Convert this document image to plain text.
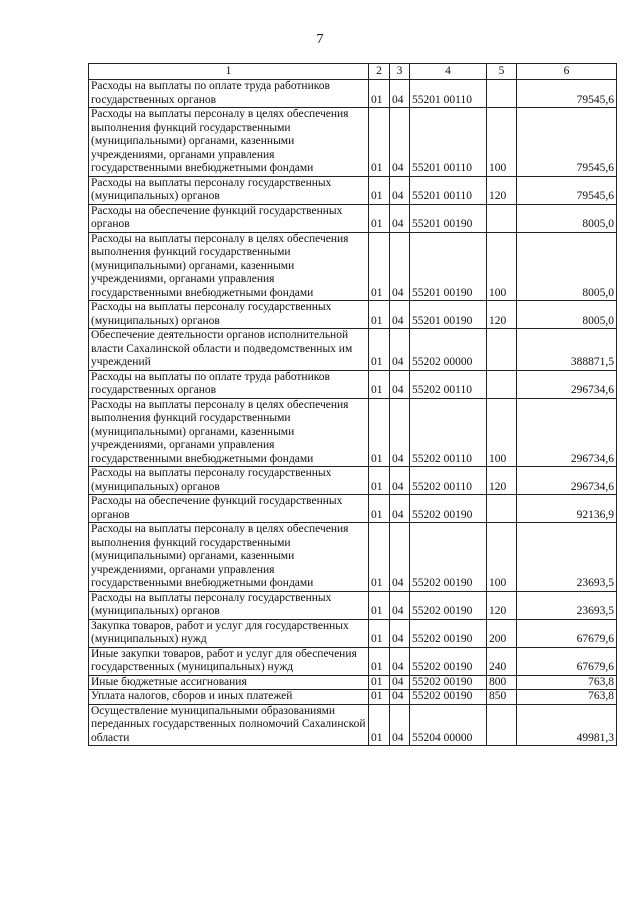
7
1	2	3	4	5	6
Расходы на выплаты по оплате труда работников государственных органов	01	04	55201 00110		79545,6
Расходы на выплаты персоналу в целях обеспечения выполнения функций государственными (муниципальными) органами, казенными учреждениями, органами управления государственными внебюджетными фондами	01	04	55201 00110	100	79545,6
Расходы на выплаты персоналу государственных (муниципальных) органов	01	04	55201 00110	120	79545,6
Расходы на обеспечение функций государственных органов	01	04	55201 00190		8005,0
Расходы на выплаты персоналу в целях обеспечения выполнения функций государственными (муниципальными) органами, казенными учреждениями, органами управления государственными внебюджетными фондами	01	04	55201 00190	100	8005,0
Расходы на выплаты персоналу государственных (муниципальных) органов	01	04	55201 00190	120	8005,0
Обеспечение деятельности органов исполнительной власти Сахалинской области и подведомственных им учреждений	01	04	55202 00000		388871,5
Расходы на выплаты по оплате труда работников государственных органов	01	04	55202 00110		296734,6
Расходы на выплаты персоналу в целях обеспечения выполнения функций государственными (муниципальными) органами, казенными учреждениями, органами управления государственными внебюджетными фондами	01	04	55202 00110	100	296734,6
Расходы на выплаты персоналу государственных (муниципальных) органов	01	04	55202 00110	120	296734,6
Расходы на обеспечение функций государственных органов	01	04	55202 00190		92136,9
Расходы на выплаты персоналу в целях обеспечения выполнения функций государственными (муниципальными) органами, казенными учреждениями, органами управления государственными внебюджетными фондами	01	04	55202 00190	100	23693,5
Расходы на выплаты персоналу государственных (муниципальных) органов	01	04	55202 00190	120	23693,5
Закупка товаров, работ и услуг для государственных (муниципальных) нужд	01	04	55202 00190	200	67679,6
Иные закупки товаров, работ и услуг для обеспечения государственных (муниципальных) нужд	01	04	55202 00190	240	67679,6
Иные бюджетные ассигнования	01	04	55202 00190	800	763,8
Уплата налогов, сборов и иных платежей	01	04	55202 00190	850	763,8
Осуществление муниципальными образованиями переданных государственных полномочий Сахалинской области	01	04	55204 00000		49981,3
